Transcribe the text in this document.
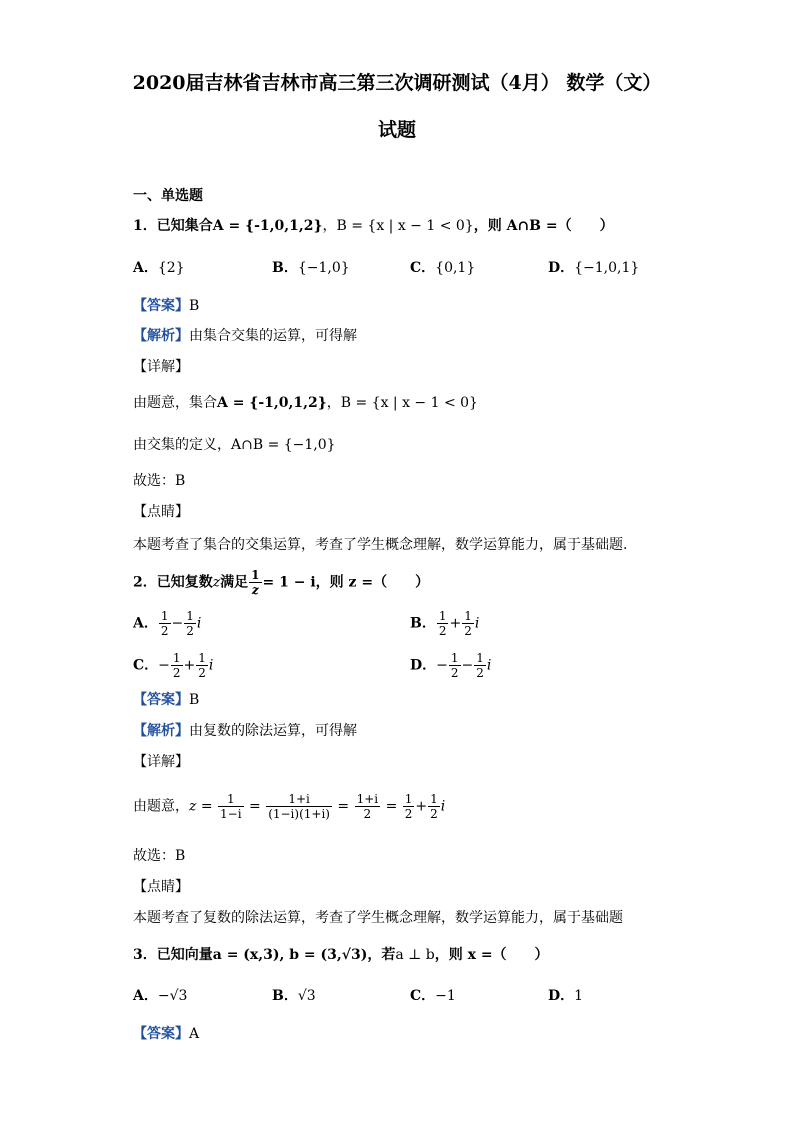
2020届吉林省吉林市高三第三次调研测试（4月） 数学（文）
试题
一、单选题
1．已知集合A = {-1,0,1,2}，B = {x | x − 1 < 0}，则 A∩B =（　　）
A．{2}	B．{−1,0}	C．{0,1}	D．{−1,0,1}
【答案】B
【解析】由集合交集的运算，可得解
【详解】
由题意，集合A = {-1,0,1,2}，B = {x | x − 1 < 0}
由交集的定义，A∩B = {−1,0}
故选：B
【点睛】
本题考查了集合的交集运算，考查了学生概念理解，数学运算能力，属于基础题.
2．已知复数z满足 $\frac{1}{z} = 1 - i$，则 z =（　　）
A． $\frac{1}{2} - \frac{1}{2}$ i	B． $\frac{1}{2} + \frac{1}{2}$ i
C．− $\frac{1}{2} + \frac{1}{2}$ i	D．− $\frac{1}{2} - \frac{1}{2}$ i
【答案】B
【解析】由复数的除法运算，可得解
【详解】
由题意，$z = \frac{1}{1-i} = \frac{1+i}{(1-i)(1+i)} = \frac{1+i}{2} = \frac{1}{2} + \frac{1}{2}$ i
故选：B
【点睛】
本题考查了复数的除法运算，考查了学生概念理解，数学运算能力，属于基础题
3．已知向量a = (x,3), b = (3,√3)，若a ⊥ b，则 x =（　　）
A．−√3	B．√3	C．−1	D．1
【答案】A
